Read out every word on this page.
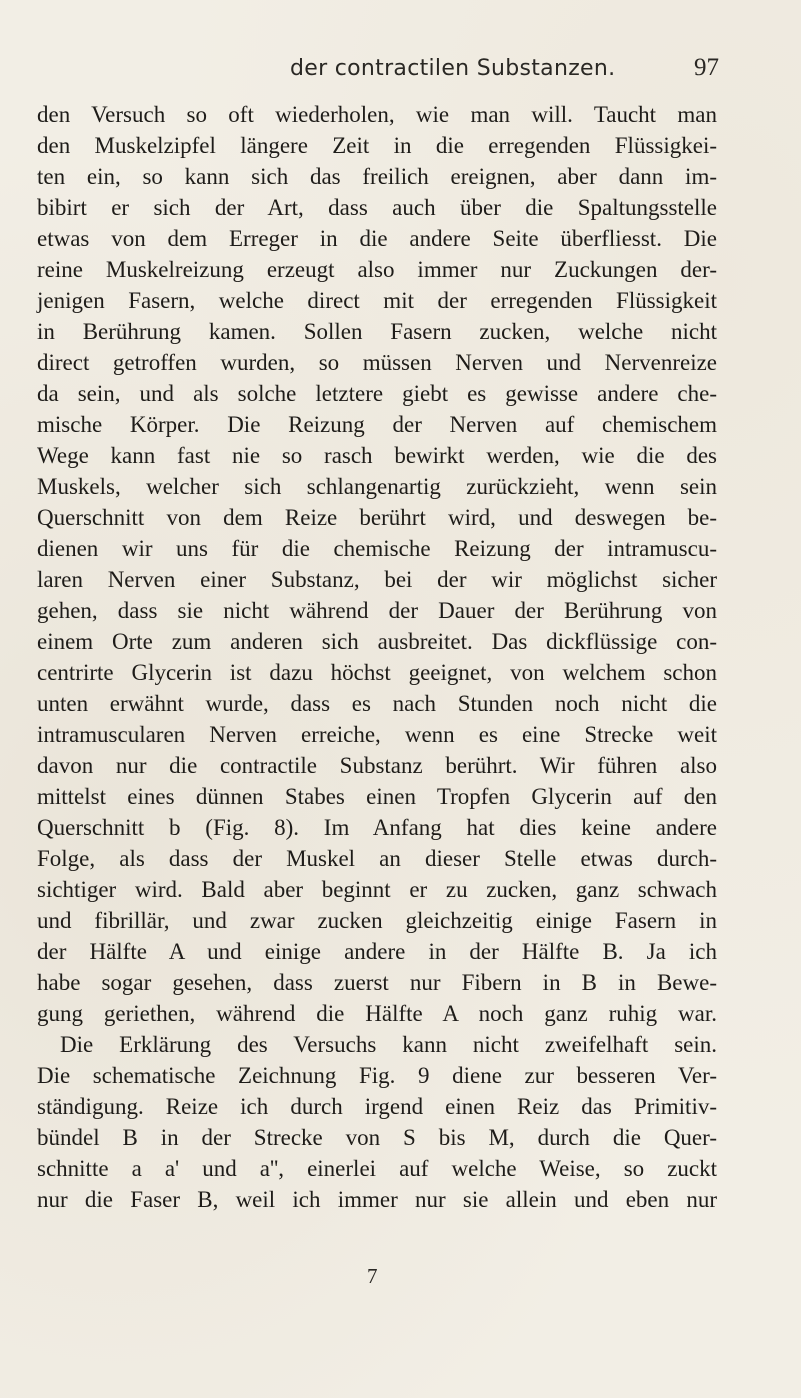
der contractilen Substanzen.	97
den Versuch so oft wiederholen, wie man will. Taucht man
den Muskelzipfel längere Zeit in die erregenden Flüssigkei-
ten ein, so kann sich das freilich ereignen, aber dann im-
bibirt er sich der Art, dass auch über die Spaltungsstelle
etwas von dem Erreger in die andere Seite überfliesst. Die
reine Muskelreizung erzeugt also immer nur Zuckungen der-
jenigen Fasern, welche direct mit der erregenden Flüssigkeit
in Berührung kamen. Sollen Fasern zucken, welche nicht
direct getroffen wurden, so müssen Nerven und Nervenreize
da sein, und als solche letztere giebt es gewisse andere che-
mische Körper. Die Reizung der Nerven auf chemischem
Wege kann fast nie so rasch bewirkt werden, wie die des
Muskels, welcher sich schlangenartig zurückzieht, wenn sein
Querschnitt von dem Reize berührt wird, und deswegen be-
dienen wir uns für die chemische Reizung der intramuscu-
laren Nerven einer Substanz, bei der wir möglichst sicher
gehen, dass sie nicht während der Dauer der Berührung von
einem Orte zum anderen sich ausbreitet. Das dickflüssige con-
centrirte Glycerin ist dazu höchst geeignet, von welchem schon
unten erwähnt wurde, dass es nach Stunden noch nicht die
intramuscularen Nerven erreiche, wenn es eine Strecke weit
davon nur die contractile Substanz berührt. Wir führen also
mittelst eines dünnen Stabes einen Tropfen Glycerin auf den
Querschnitt b (Fig. 8). Im Anfang hat dies keine andere
Folge, als dass der Muskel an dieser Stelle etwas durch-
sichtiger wird. Bald aber beginnt er zu zucken, ganz schwach
und fibrillär, und zwar zucken gleichzeitig einige Fasern in
der Hälfte A und einige andere in der Hälfte B. Ja ich
habe sogar gesehen, dass zuerst nur Fibern in B in Bewe-
gung geriethen, während die Hälfte A noch ganz ruhig war.
Die Erklärung des Versuchs kann nicht zweifelhaft sein.
Die schematische Zeichnung Fig. 9 diene zur besseren Ver-
ständigung. Reize ich durch irgend einen Reiz das Primitiv-
bündel B in der Strecke von S bis M, durch die Quer-
schnitte a a' und a'', einerlei auf welche Weise, so zuckt
nur die Faser B, weil ich immer nur sie allein und eben nur
7
